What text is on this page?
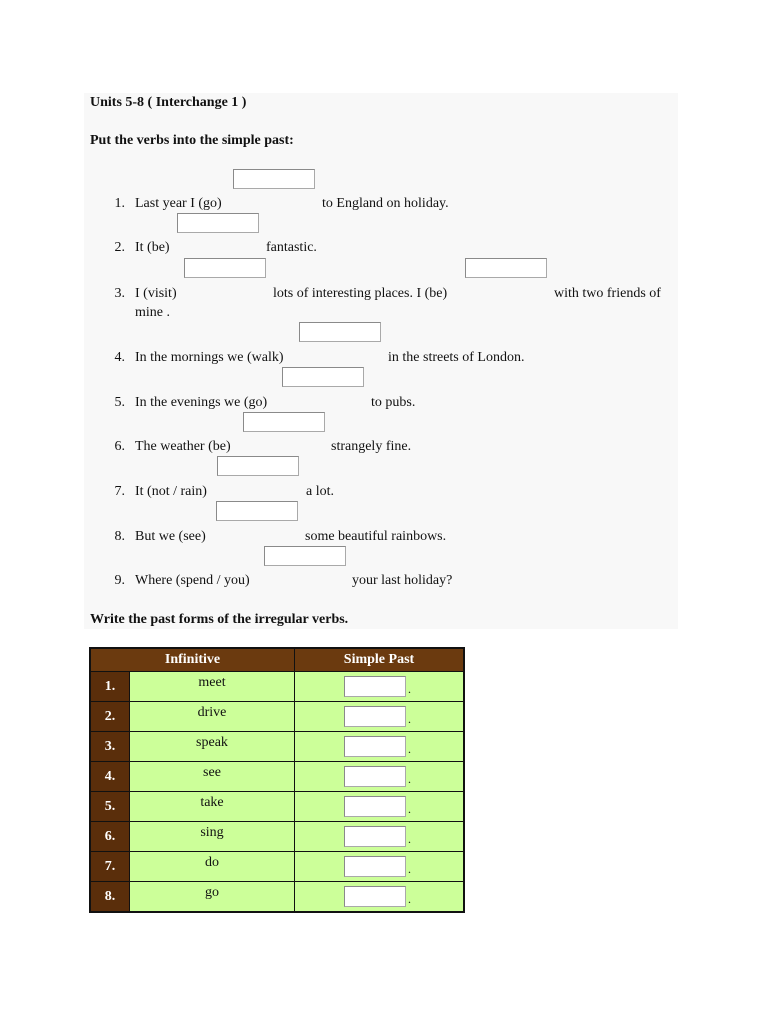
Units 5-8 ( Interchange 1 )
Put the verbs into the simple past:
1. Last year I (go)	to England on holiday.
2. It (be)	fantastic.
3. I (visit)	lots of interesting places. I (be)	with two friends of
mine .
4. In the mornings we (walk)	in the streets of London.
5. In the evenings we (go)	to pubs.
6. The weather (be)	strangely fine.
7. It (not / rain)	a lot.
8. But we (see)	some beautiful rainbows.
9. Where (spend / you)	your last holiday?
Write the past forms of the irregular verbs.
Infinitive		Simple Past
1.	meet	.
2.	drive	.
3.	speak	.
4.	see	.
5.	take	.
6.	sing	.
7.	do	.
8.	go	.
